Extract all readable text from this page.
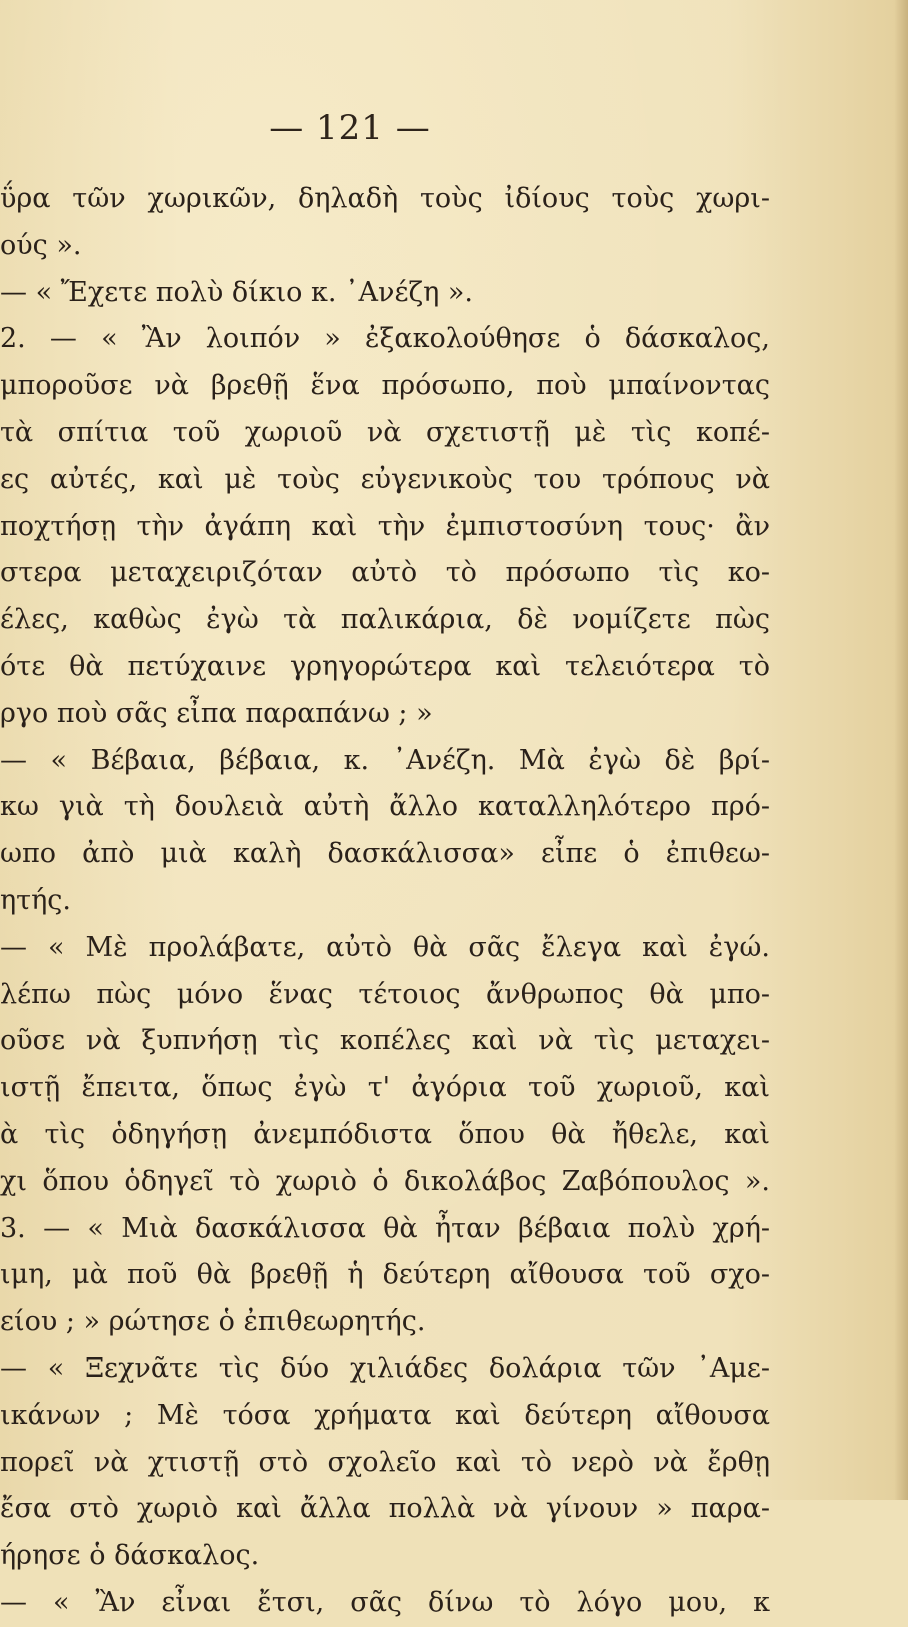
— 121 —
ΰρα τῶν χωρικῶν, δηλαδὴ τοὺς ἰδίους τοὺς χωρι-
ούς ».
— « Ἔχετε πολὺ δίκιο κ. ᾿Ανέζη ».
2. — « Ἂν λοιπόν » ἐξακολούθησε ὁ δάσκαλος,
μποροῦσε νὰ βρεθῇ ἕνα πρόσωπο, ποὺ μπαίνοντας
τὰ σπίτια τοῦ χωριοῦ νὰ σχετιστῇ μὲ τὶς κοπέ-
ες αὐτές, καὶ μὲ τοὺς εὐγενικοὺς του τρόπους νὰ
ποχτήσῃ τὴν ἀγάπη καὶ τὴν ἐμπιστοσύνη τους· ἂν
στερα μεταχειριζόταν αὐτὸ τὸ πρόσωπο τὶς κο-
έλες, καθὼς ἐγὼ τὰ παλικάρια, δὲ νομίζετε πὼς
ότε θὰ πετύχαινε γρηγορώτερα καὶ τελειότερα τὸ
ργο ποὺ σᾶς εἶπα παραπάνω ; »
— « Βέβαια, βέβαια, κ. ᾿Ανέζη. Μὰ ἐγὼ δὲ βρί-
κω γιὰ τὴ δουλειὰ αὐτὴ ἄλλο καταλληλότερο πρό-
ωπο ἀπὸ μιὰ καλὴ δασκάλισσα» εἶπε ὁ ἐπιθεω-
ητής.
— « Μὲ προλάβατε, αὐτὸ θὰ σᾶς ἔλεγα καὶ ἐγώ.
λέπω πὼς μόνο ἕνας τέτοιος ἄνθρωπος θὰ μπο-
οῦσε νὰ ξυπνήσῃ τὶς κοπέλες καὶ νὰ τὶς μεταχει-
ιστῇ ἔπειτα, ὅπως ἐγὼ τ' ἀγόρια τοῦ χωριοῦ, καὶ
ὰ τὶς ὁδηγήσῃ ἀνεμπόδιστα ὅπου θὰ ἤθελε, καὶ
χι ὅπου ὁδηγεῖ τὸ χωριὸ ὁ δικολάβος Ζαβόπουλος ».
3. — « Μιὰ δασκάλισσα θὰ ἦταν βέβαια πολὺ χρή-
ιμη, μὰ ποῦ θὰ βρεθῇ ἡ δεύτερη αἴθουσα τοῦ σχο-
είου ; » ρώτησε ὁ ἐπιθεωρητής.
— « Ξεχνᾶτε τὶς δύο χιλιάδες δολάρια τῶν ᾿Αμε-
ικάνων ; Μὲ τόσα χρήματα καὶ δεύτερη αἴθουσα
πορεῖ νὰ χτιστῇ στὸ σχολεῖο καὶ τὸ νερὸ νὰ ἔρθῃ
ἔσα στὸ χωριὸ καὶ ἄλλα πολλὰ νὰ γίνουν » παρα-
ήρησε ὁ δάσκαλος.
— « Ἂν εἶναι ἔτσι, σᾶς δίνω τὸ λόγο μου, κ
